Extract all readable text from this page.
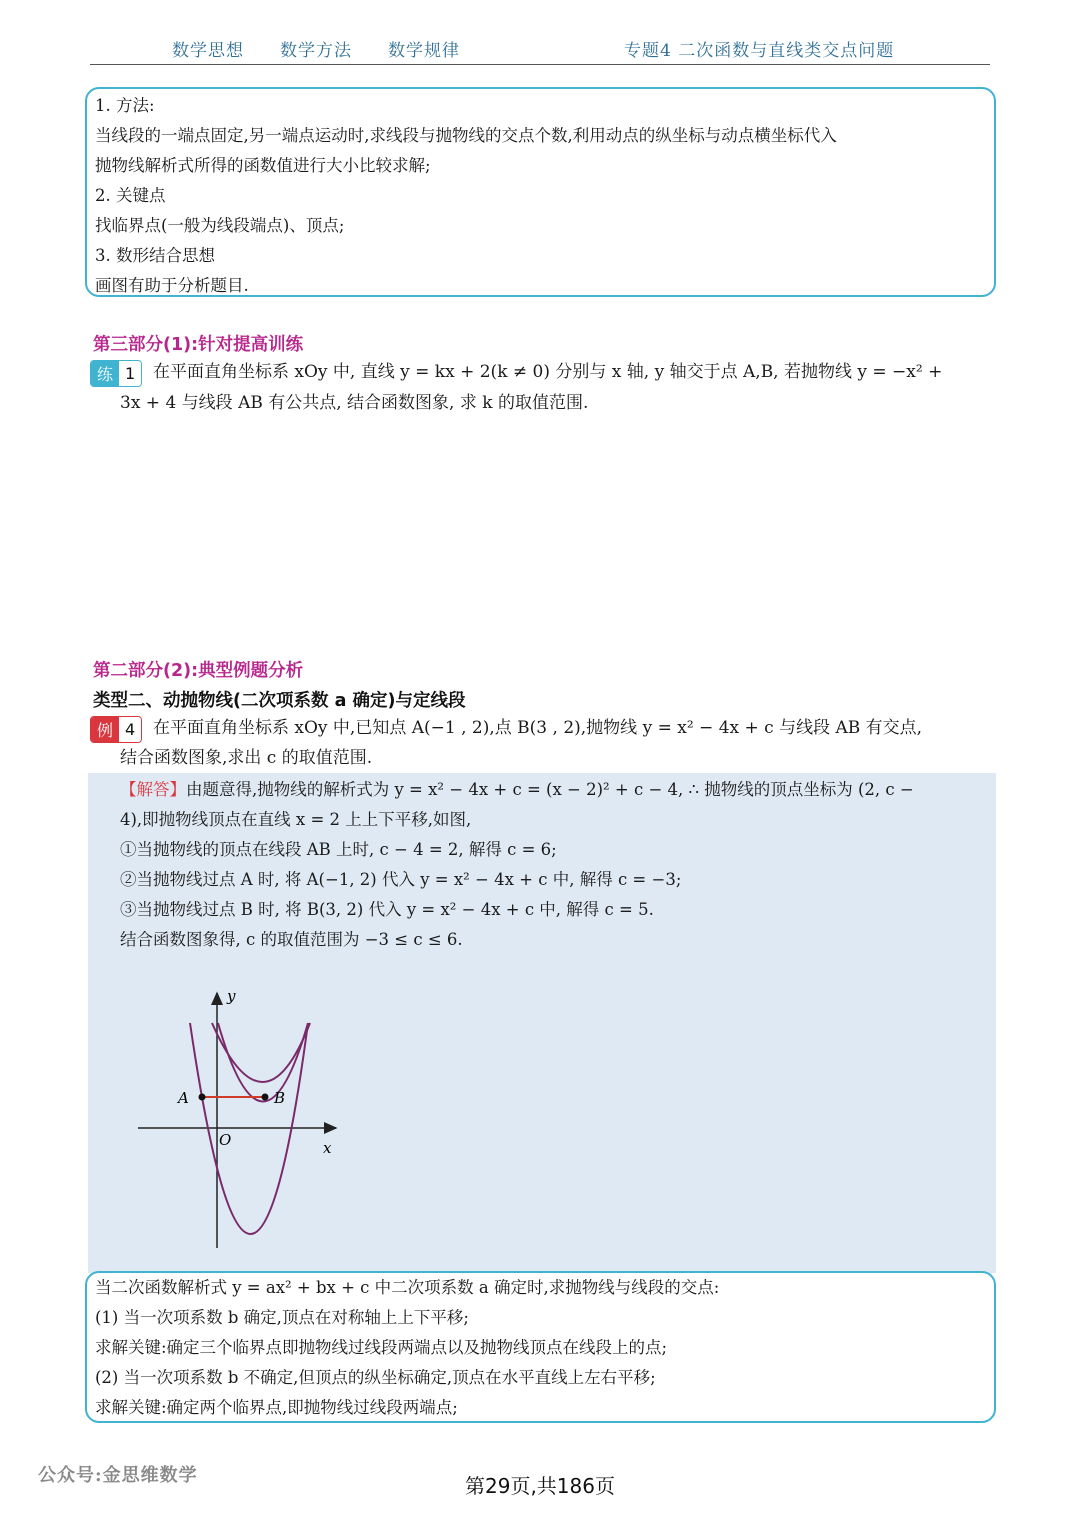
数学思想 数学方法 数学规律	专题4 二次函数与直线类交点问题

1. 方法:

当线段的一端点固定,另一端点运动时,求线段与抛物线的交点个数,利用动点的纵坐标与动点横坐标代入

抛物线解析式所得的函数值进行大小比较求解;

2. 关键点

找临界点(一般为线段端点)、顶点;

3. 数形结合思想

画图有助于分析题目.

第三部分(1):针对提高训练

练 1	在平面直角坐标系 xOy 中, 直线 y = kx + 2(k ≠ 0) 分别与 x 轴, y 轴交于点 A,B, 若抛物线 y = −x² +

3x + 4 与线段 AB 有公共点, 结合函数图象, 求 k 的取值范围.

第二部分(2):典型例题分析

类型二、动抛物线(二次项系数 a 确定)与定线段

例 4	在平面直角坐标系 xOy 中,已知点 A(−1 , 2),点 B(3 , 2),抛物线 y = x² − 4x + c 与线段 AB 有交点,

结合函数图象,求出 c 的取值范围.

【解答】由题意得,抛物线的解析式为 y = x² − 4x + c = (x − 2)² + c − 4, ∴ 抛物线的顶点坐标为 (2, c −

4),即抛物线顶点在直线 x = 2 上上下平移,如图,

①当抛物线的顶点在线段 AB 上时, c − 4 = 2, 解得 c = 6;

②当抛物线过点 A 时, 将 A(−1, 2) 代入 y = x² − 4x + c 中, 解得 c = −3;

③当抛物线过点 B 时, 将 B(3, 2) 代入 y = x² − 4x + c 中, 解得 c = 5.

结合函数图象得, c 的取值范围为 −3 ≤ c ≤ 6.

y
x
O
A	B

当二次函数解析式 y = ax² + bx + c 中二次项系数 a 确定时,求抛物线与线段的交点:

(1) 当一次项系数 b 确定,顶点在对称轴上上下平移;

求解关键:确定三个临界点即抛物线过线段两端点以及抛物线顶点在线段上的点;

(2) 当一次项系数 b 不确定,但顶点的纵坐标确定,顶点在水平直线上左右平移;

求解关键:确定两个临界点,即抛物线过线段两端点;

公众号:金思维数学	第29页,共186页
